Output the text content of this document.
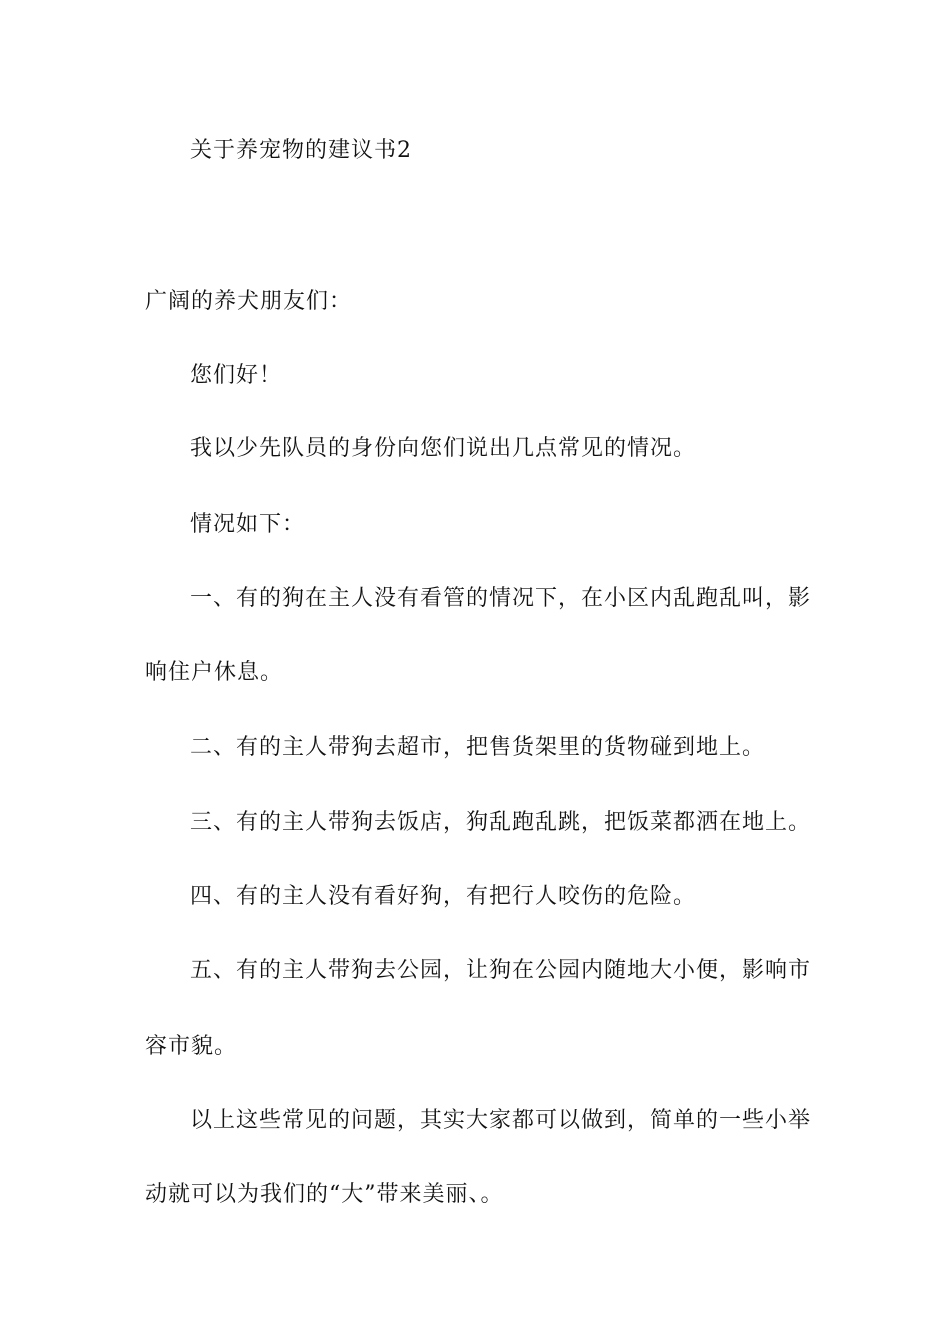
关于养宠物的建议书2
广阔的养犬朋友们：
您们好！
我以少先队员的身份向您们说出几点常见的情况。
情况如下：
一、有的狗在主人没有看管的情况下，在小区内乱跑乱叫，影
响住户休息。
二、有的主人带狗去超市，把售货架里的货物碰到地上。
三、有的主人带狗去饭店，狗乱跑乱跳，把饭菜都洒在地上。
四、有的主人没有看好狗，有把行人咬伤的危险。
五、有的主人带狗去公园，让狗在公园内随地大小便，影响市
容市貌。
以上这些常见的问题，其实大家都可以做到，简单的一些小举
动就可以为我们的“大”带来美丽、。
